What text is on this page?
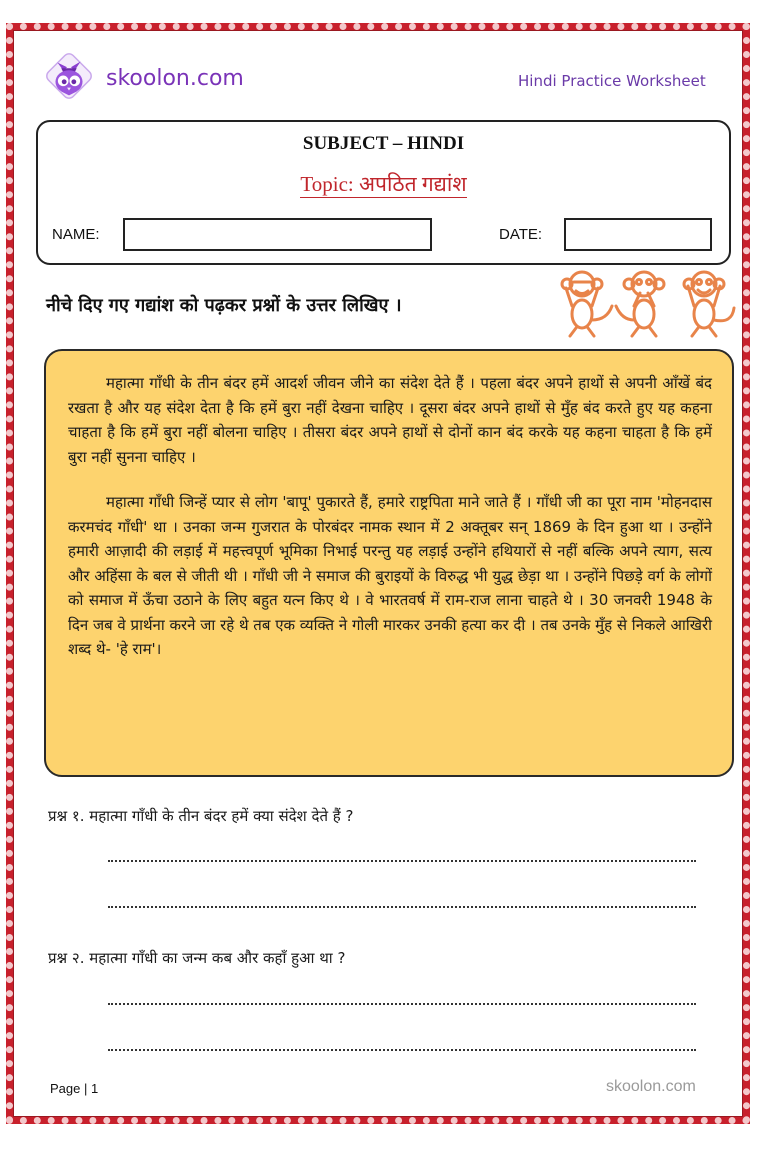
skoolon.com	Hindi Practice Worksheet
SUBJECT – HINDI
Topic: अपठित गद्यांश
NAME:	DATE:
नीचे दिए गए गद्यांश को पढ़कर प्रश्नों के उत्तर लिखिए ।

महात्मा गाँधी के तीन बंदर हमें आदर्श जीवन जीने का संदेश देते हैं । पहला बंदर अपने हाथों से अपनी आँखें बंद रखता है और यह संदेश देता है कि हमें बुरा नहीं देखना चाहिए । दूसरा बंदर अपने हाथों से मुँह बंद करते हुए यह कहना चाहता है कि हमें बुरा नहीं बोलना चाहिए । तीसरा बंदर अपने हाथों से दोनों कान बंद करके यह कहना चाहता है कि हमें बुरा नहीं सुनना चाहिए ।

महात्मा गाँधी जिन्हें प्यार से लोग 'बापू' पुकारते हैं, हमारे राष्ट्रपिता माने जाते हैं । गाँधी जी का पूरा नाम 'मोहनदास करमचंद गाँधी' था । उनका जन्म गुजरात के पोरबंदर नामक स्थान में 2 अक्तूबर सन् 1869 के दिन हुआ था । उन्होंने हमारी आज़ादी की लड़ाई में महत्त्वपूर्ण भूमिका निभाई परन्तु यह लड़ाई उन्होंने हथियारों से नहीं बल्कि अपने त्याग, सत्य और अहिंसा के बल से जीती थी । गाँधी जी ने समाज की बुराइयों के विरुद्ध भी युद्ध छेड़ा था । उन्होंने पिछड़े वर्ग के लोगों को समाज में ऊँचा उठाने के लिए बहुत यत्न किए थे । वे भारतवर्ष में राम-राज लाना चाहते थे । 30 जनवरी 1948 के दिन जब वे प्रार्थना करने जा रहे थे तब एक व्यक्ति ने गोली मारकर उनकी हत्या कर दी । तब उनके मुँह से निकले आखिरी शब्द थे- 'हे राम'।

प्रश्न १. महात्मा गाँधी के तीन बंदर हमें क्या संदेश देते हैं ?
प्रश्न २. महात्मा गाँधी का जन्म कब और कहाँ हुआ था ?
Page | 1	skoolon.com
